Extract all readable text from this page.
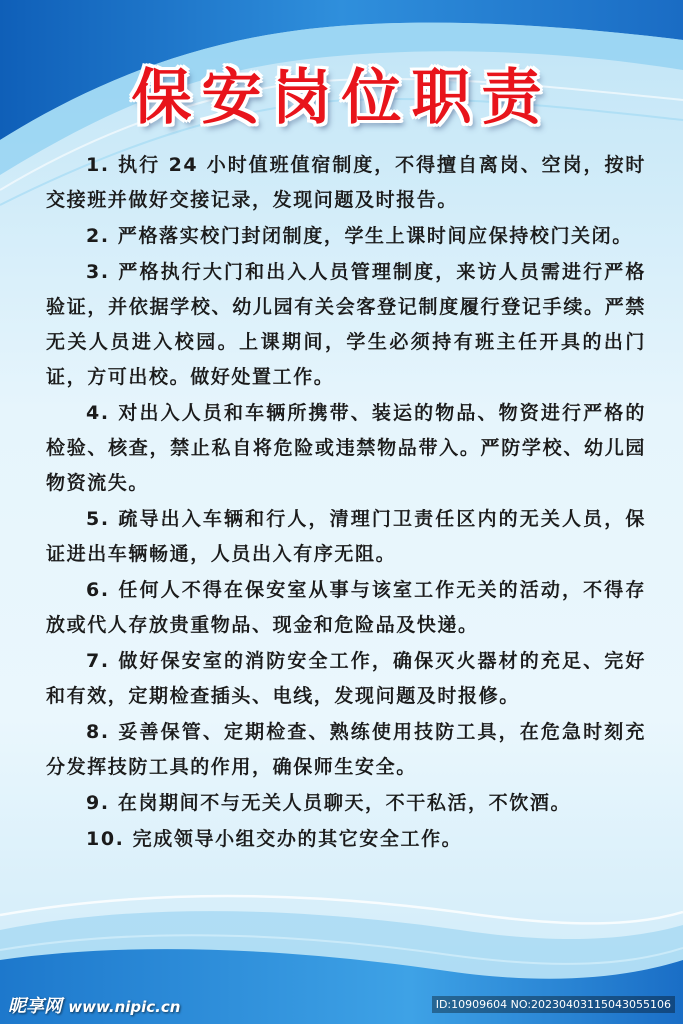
保安岗位职责

1. 执行 24 小时值班值宿制度，不得擅自离岗、空岗，按时交接班并做好交接记录，发现问题及时报告。

2. 严格落实校门封闭制度，学生上课时间应保持校门关闭。

3. 严格执行大门和出入人员管理制度，来访人员需进行严格验证，并依据学校、幼儿园有关会客登记制度履行登记手续。严禁无关人员进入校园。上课期间，学生必须持有班主任开具的出门证，方可出校。做好处置工作。

4. 对出入人员和车辆所携带、装运的物品、物资进行严格的检验、核查，禁止私自将危险或违禁物品带入。严防学校、幼儿园物资流失。

5. 疏导出入车辆和行人，清理门卫责任区内的无关人员，保证进出车辆畅通，人员出入有序无阻。

6. 任何人不得在保安室从事与该室工作无关的活动，不得存放或代人存放贵重物品、现金和危险品及快递。

7. 做好保安室的消防安全工作，确保灭火器材的充足、完好和有效，定期检查插头、电线，发现问题及时报修。

8. 妥善保管、定期检查、熟练使用技防工具，在危急时刻充分发挥技防工具的作用，确保师生安全。

9. 在岗期间不与无关人员聊天，不干私活，不饮酒。

10. 完成领导小组交办的其它安全工作。

昵享网 www.nipic.cn	ID:10909604 NO:20230403115043055106
